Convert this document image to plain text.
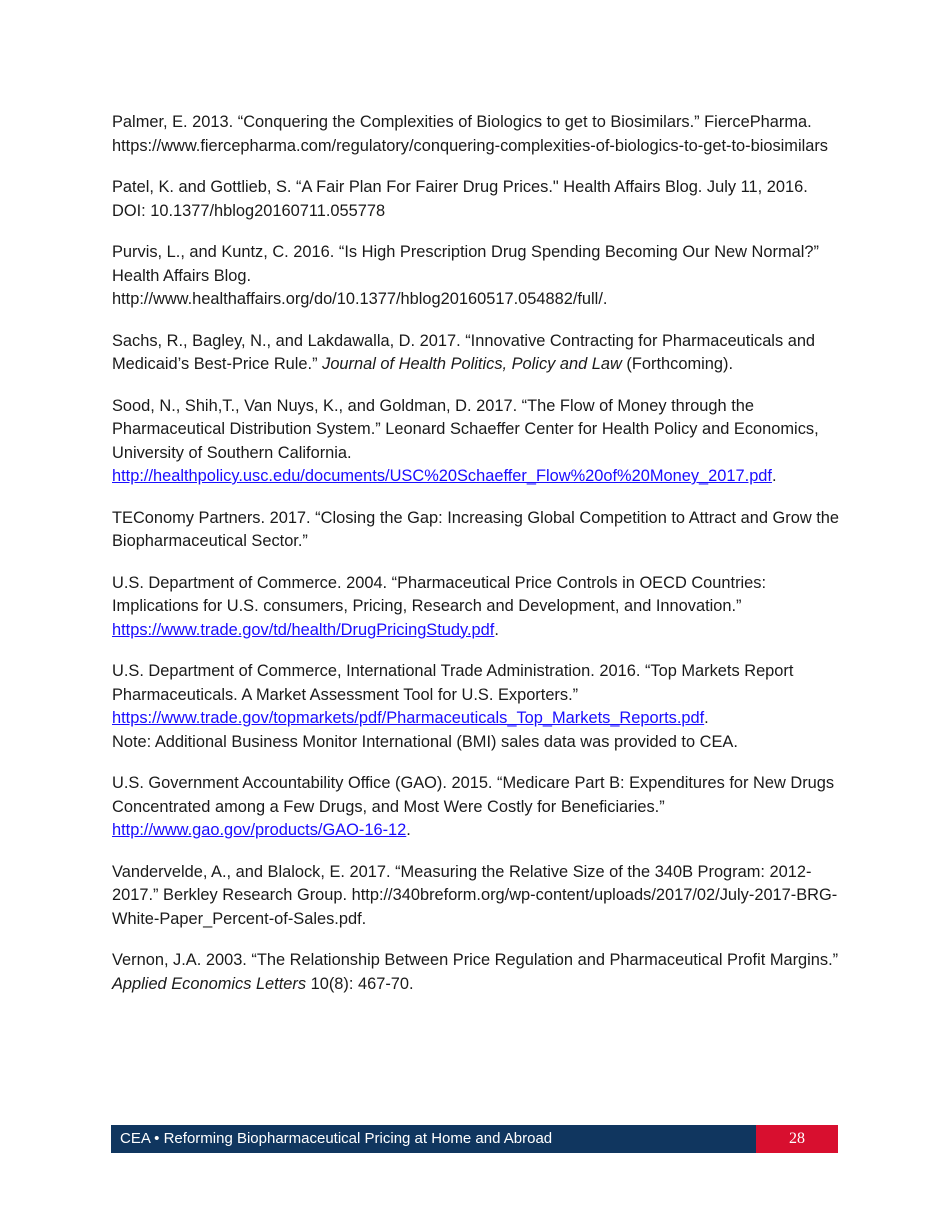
Palmer, E. 2013. “Conquering the Complexities of Biologics to get to Biosimilars.” FiercePharma. https://www.fiercepharma.com/regulatory/conquering-complexities-of-biologics-to-get-to-biosimilars

Patel, K. and Gottlieb, S. “A Fair Plan For Fairer Drug Prices." Health Affairs Blog. July 11, 2016. DOI: 10.1377/hblog20160711.055778

Purvis, L., and Kuntz, C. 2016. “Is High Prescription Drug Spending Becoming Our New Normal?” Health Affairs Blog.
http://www.healthaffairs.org/do/10.1377/hblog20160517.054882/full/.

Sachs, R., Bagley, N., and Lakdawalla, D. 2017. “Innovative Contracting for Pharmaceuticals and Medicaid’s Best-Price Rule.” Journal of Health Politics, Policy and Law (Forthcoming).

Sood, N., Shih,T., Van Nuys, K., and Goldman, D. 2017. “The Flow of Money through the Pharmaceutical Distribution System.” Leonard Schaeffer Center for Health Policy and Economics, University of Southern California.
http://healthpolicy.usc.edu/documents/USC%20Schaeffer_Flow%20of%20Money_2017.pdf.

TEConomy Partners. 2017. “Closing the Gap: Increasing Global Competition to Attract and Grow the Biopharmaceutical Sector.”

U.S. Department of Commerce. 2004. “Pharmaceutical Price Controls in OECD Countries: Implications for U.S. consumers, Pricing, Research and Development, and Innovation.”
https://www.trade.gov/td/health/DrugPricingStudy.pdf.

U.S. Department of Commerce, International Trade Administration. 2016. “Top Markets Report Pharmaceuticals. A Market Assessment Tool for U.S. Exporters.”
https://www.trade.gov/topmarkets/pdf/Pharmaceuticals_Top_Markets_Reports.pdf.
Note: Additional Business Monitor International (BMI) sales data was provided to CEA.

U.S. Government Accountability Office (GAO). 2015. “Medicare Part B: Expenditures for New Drugs Concentrated among a Few Drugs, and Most Were Costly for Beneficiaries.”
http://www.gao.gov/products/GAO-16-12.

Vandervelde, A., and Blalock, E. 2017. “Measuring the Relative Size of the 340B Program: 2012-2017.” Berkley Research Group. http://340breform.org/wp-content/uploads/2017/02/July-2017-BRG-White-Paper_Percent-of-Sales.pdf.

Vernon, J.A. 2003. “The Relationship Between Price Regulation and Pharmaceutical Profit Margins.” Applied Economics Letters 10(8): 467-70.

CEA • Reforming Biopharmaceutical Pricing at Home and Abroad	28
